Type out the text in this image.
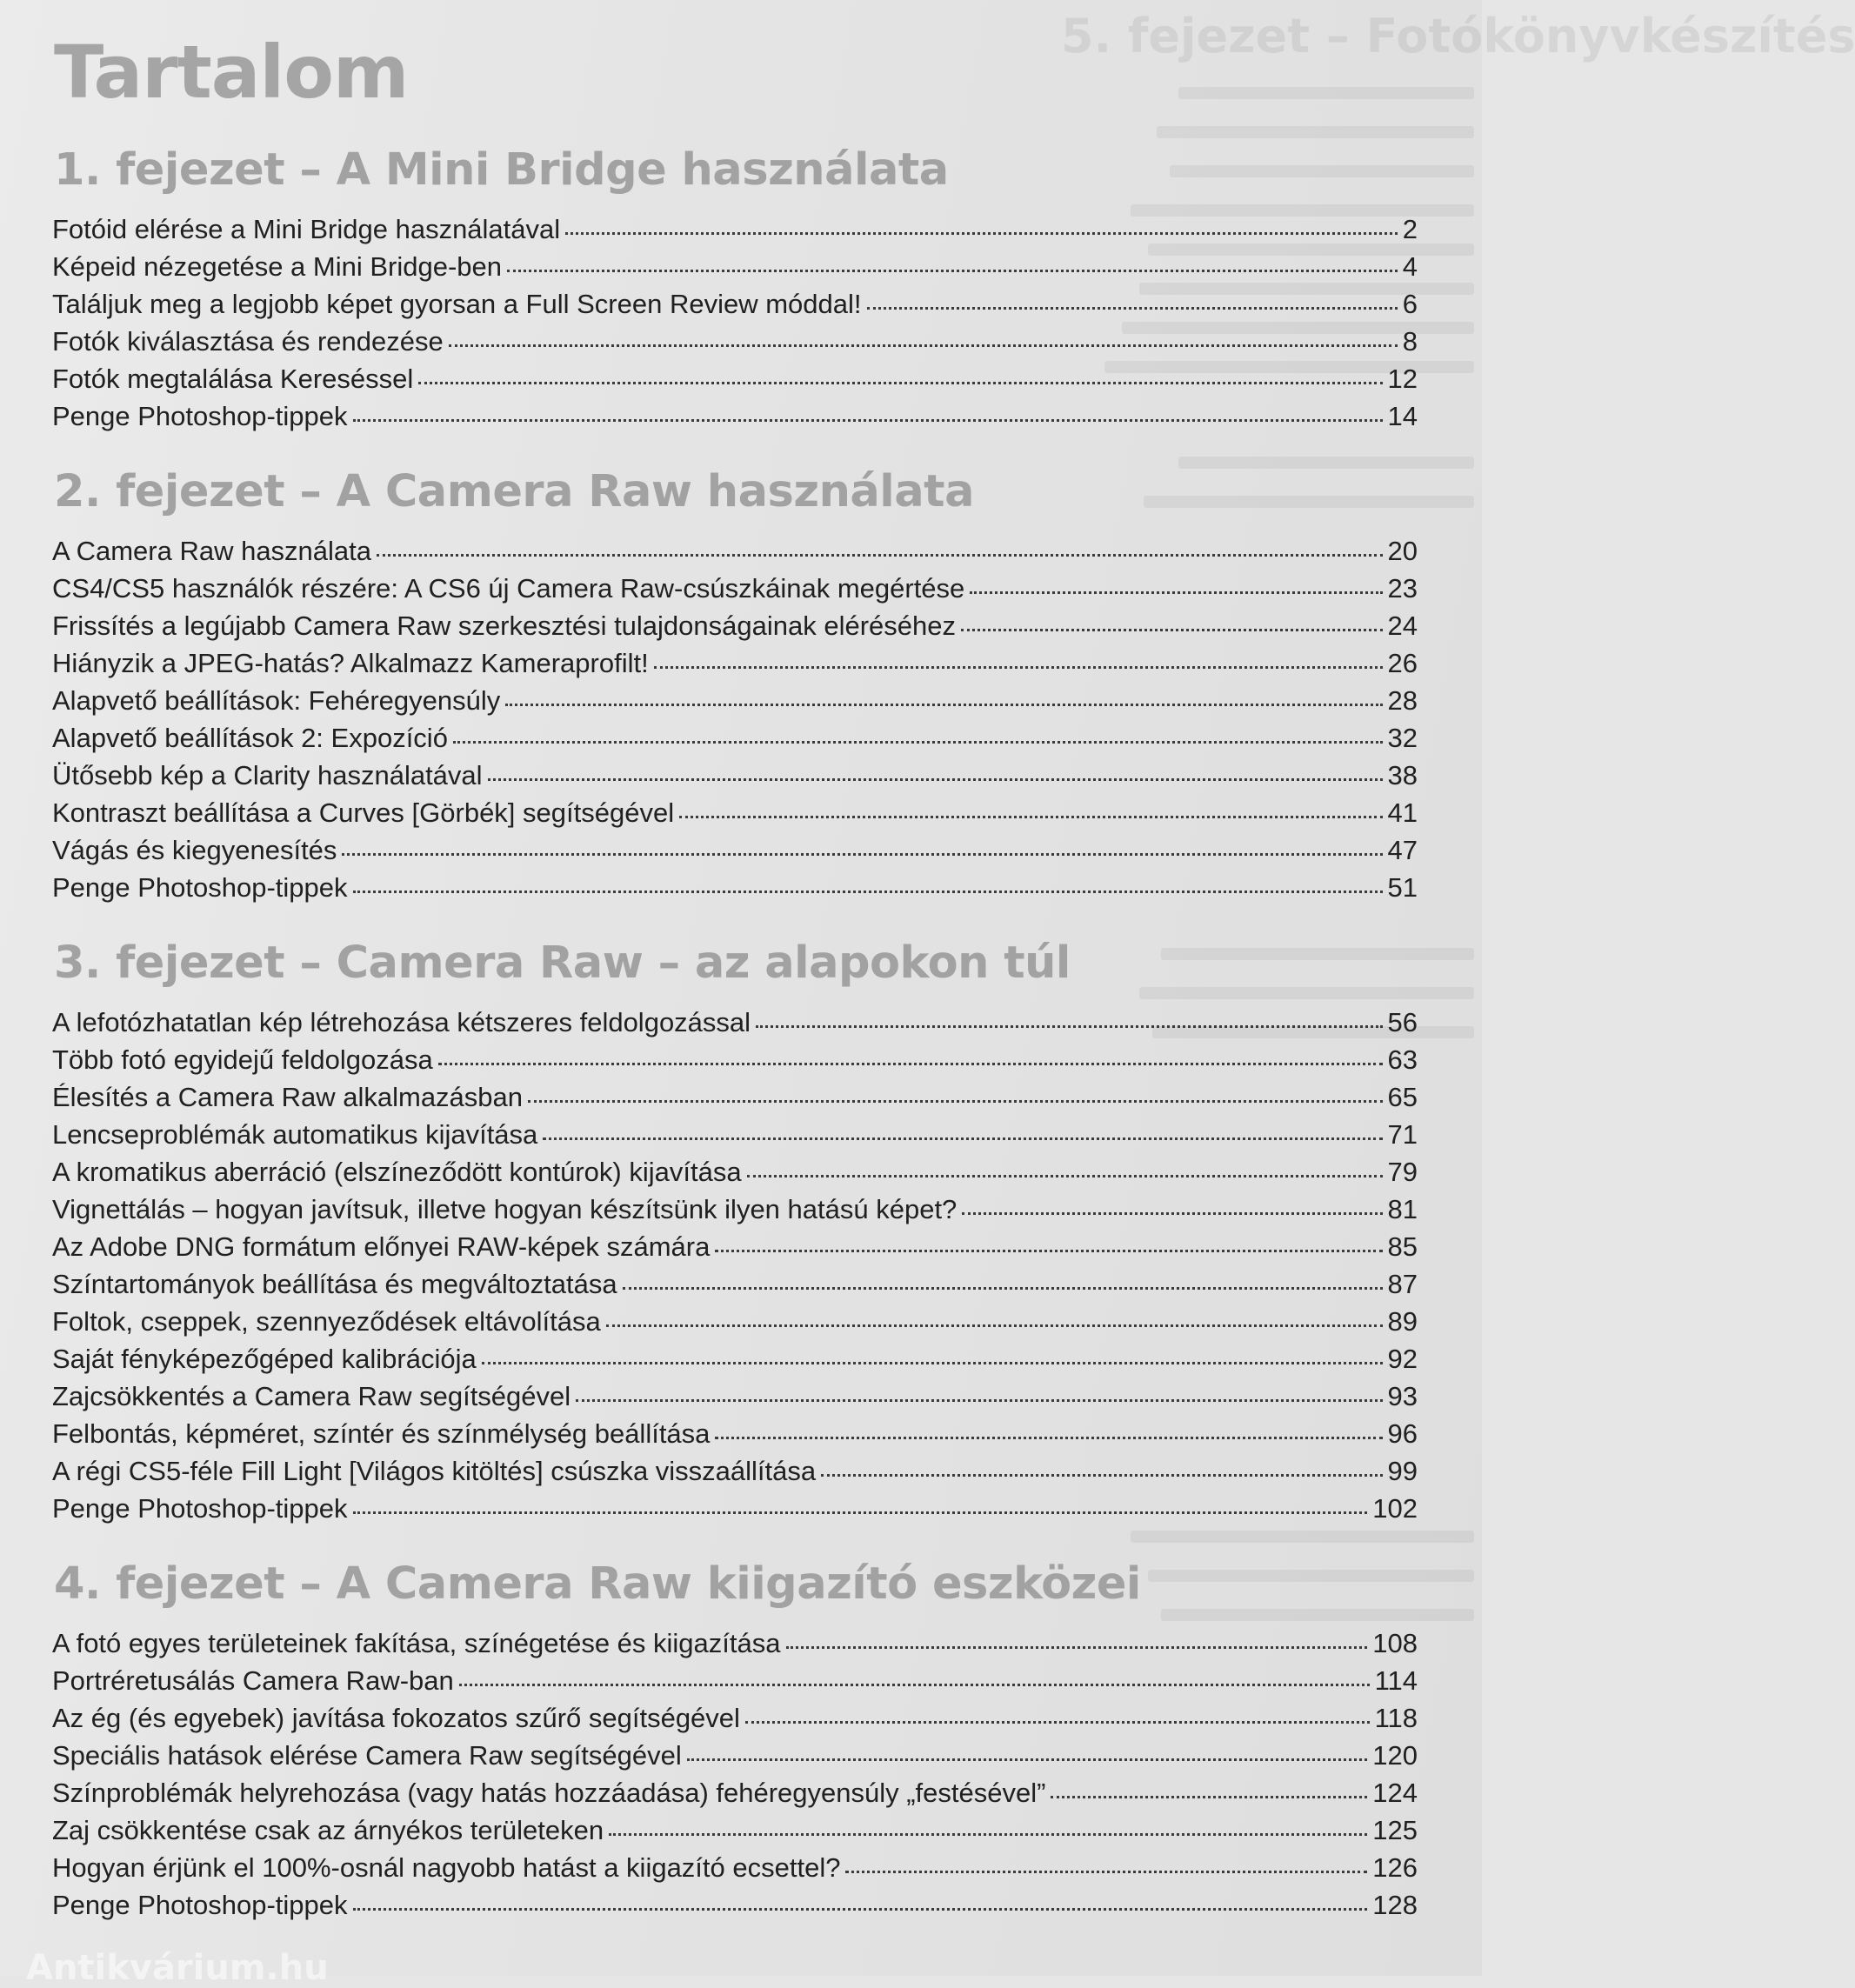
5. fejezet – Fotókönyvkészítés
Tartalom
1. fejezet – A Mini Bridge használata
Fotóid elérése a Mini Bridge használatával	2
Képeid nézegetése a Mini Bridge-ben	4
Találjuk meg a legjobb képet gyorsan a Full Screen Review móddal!	6
Fotók kiválasztása és rendezése	8
Fotók megtalálása Kereséssel	12
Penge Photoshop-tippek	14
2. fejezet – A Camera Raw használata
A Camera Raw használata	20
CS4/CS5 használók részére: A CS6 új Camera Raw-csúszkáinak megértése	23
Frissítés a legújabb Camera Raw szerkesztési tulajdonságainak eléréséhez	24
Hiányzik a JPEG-hatás? Alkalmazz Kameraprofilt!	26
Alapvető beállítások: Fehéregyensúly	28
Alapvető beállítások 2: Expozíció	32
Ütősebb kép a Clarity használatával	38
Kontraszt beállítása a Curves [Görbék] segítségével	41
Vágás és kiegyenesítés	47
Penge Photoshop-tippek	51
3. fejezet – Camera Raw – az alapokon túl
A lefotózhatatlan kép létrehozása kétszeres feldolgozással	56
Több fotó egyidejű feldolgozása	63
Élesítés a Camera Raw alkalmazásban	65
Lencseproblémák automatikus kijavítása	71
A kromatikus aberráció (elszíneződött kontúrok) kijavítása	79
Vignettálás – hogyan javítsuk, illetve hogyan készítsünk ilyen hatású képet?	81
Az Adobe DNG formátum előnyei RAW-képek számára	85
Színtartományok beállítása és megváltoztatása	87
Foltok, cseppek, szennyeződések eltávolítása	89
Saját fényképezőgéped kalibrációja	92
Zajcsökkentés a Camera Raw segítségével	93
Felbontás, képméret, színtér és színmélység beállítása	96
A régi CS5-féle Fill Light [Világos kitöltés] csúszka visszaállítása	99
Penge Photoshop-tippek	102
4. fejezet – A Camera Raw kiigazító eszközei
A fotó egyes területeinek fakítása, színégetése és kiigazítása	108
Portréretusálás Camera Raw-ban	114
Az ég (és egyebek) javítása fokozatos szűrő segítségével	118
Speciális hatások elérése Camera Raw segítségével	120
Színproblémák helyrehozása (vagy hatás hozzáadása) fehéregyensúly „festésével”	124
Zaj csökkentése csak az árnyékos területeken	125
Hogyan érjünk el 100%-osnál nagyobb hatást a kiigazító ecsettel?	126
Penge Photoshop-tippek	128
Antikvárium.hu
